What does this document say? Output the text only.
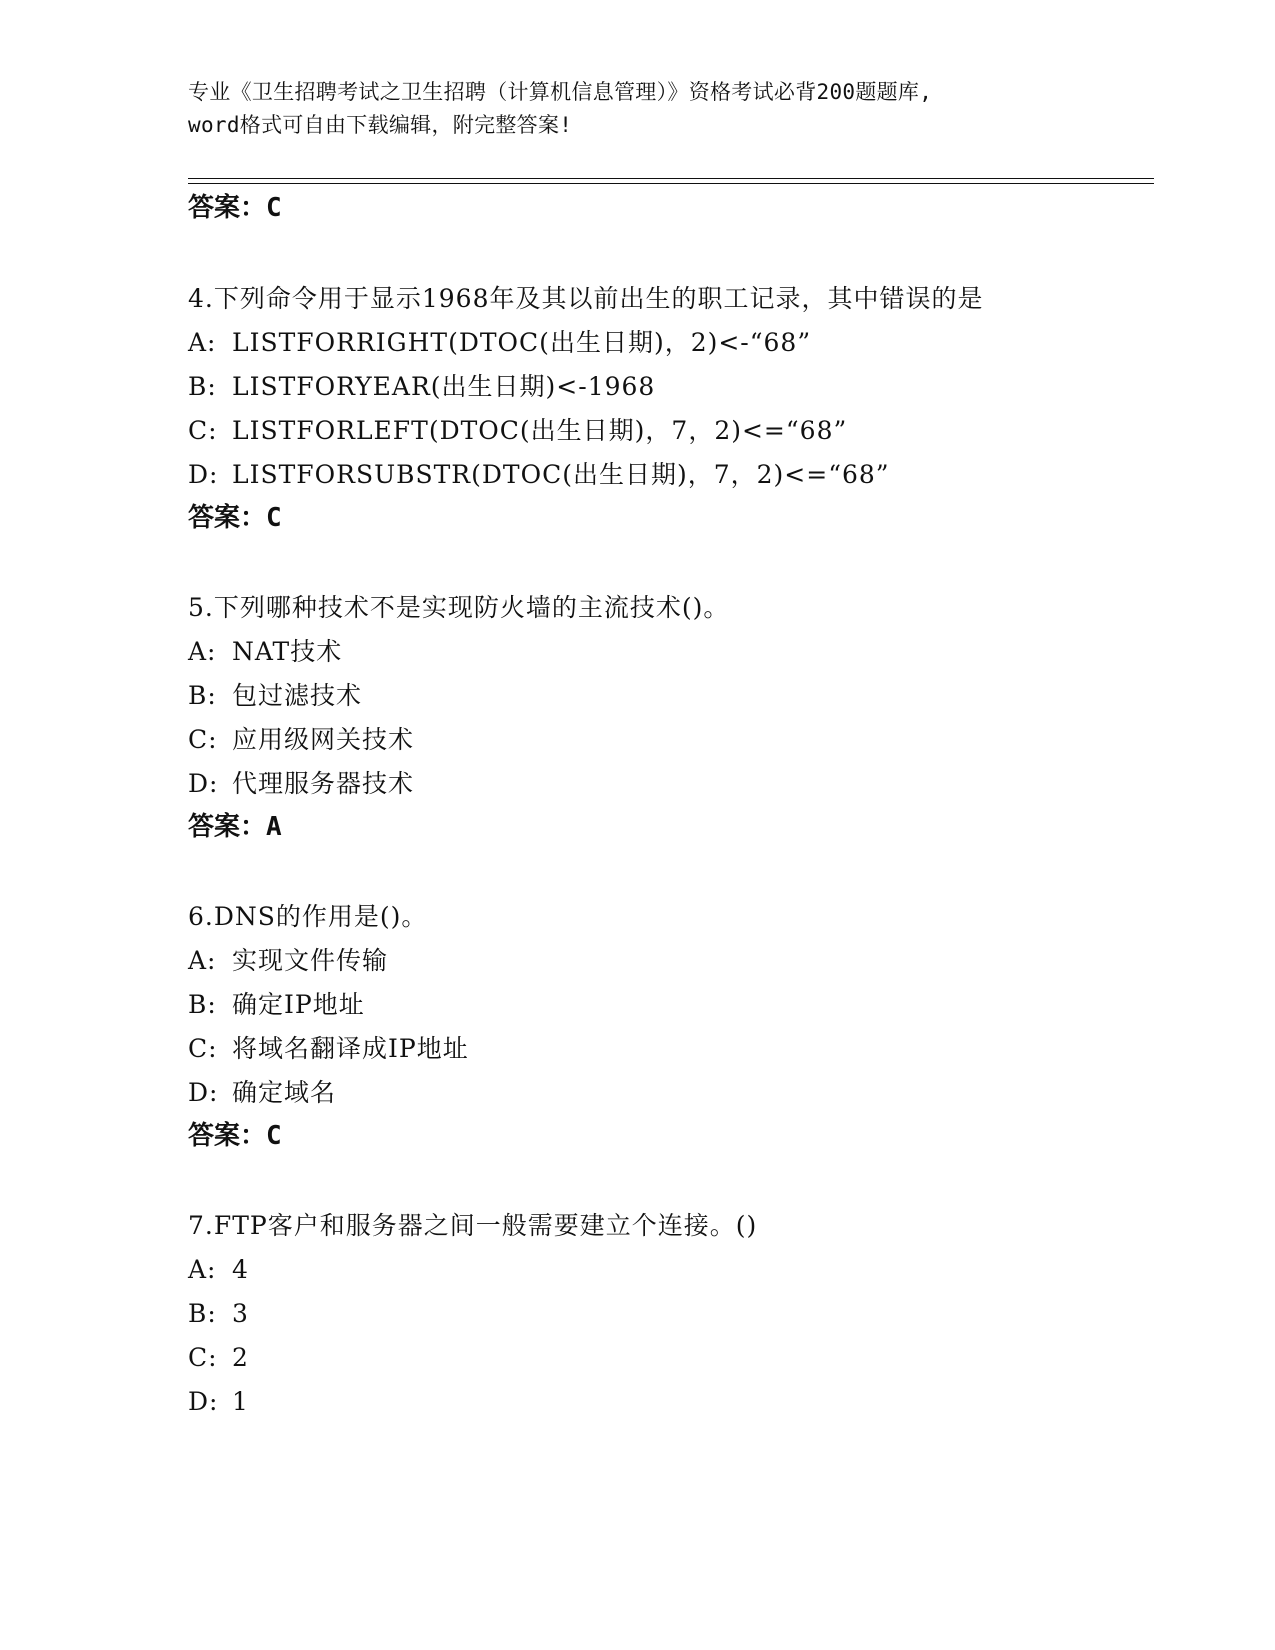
专业《卫生招聘考试之卫生招聘（计算机信息管理）》资格考试必背200题题库,
word格式可自由下载编辑，附完整答案!
答案：C
4.下列命令用于显示1968年及其以前出生的职工记录，其中错误的是
A: LISTFORRIGHT(DTOC(出生日期)，2)<-“68”
B: LISTFORYEAR(出生日期)<-1968
C: LISTFORLEFT(DTOC(出生日期)，7，2)<=“68”
D: LISTFORSUBSTR(DTOC(出生日期)，7，2)<=“68”
答案：C
5.下列哪种技术不是实现防火墙的主流技术()。
A: NAT技术
B: 包过滤技术
C: 应用级网关技术
D: 代理服务器技术
答案：A
6.DNS的作用是()。
A: 实现文件传输
B: 确定IP地址
C: 将域名翻译成IP地址
D: 确定域名
答案：C
7.FTP客户和服务器之间一般需要建立个连接。()
A: 4
B: 3
C: 2
D: 1
